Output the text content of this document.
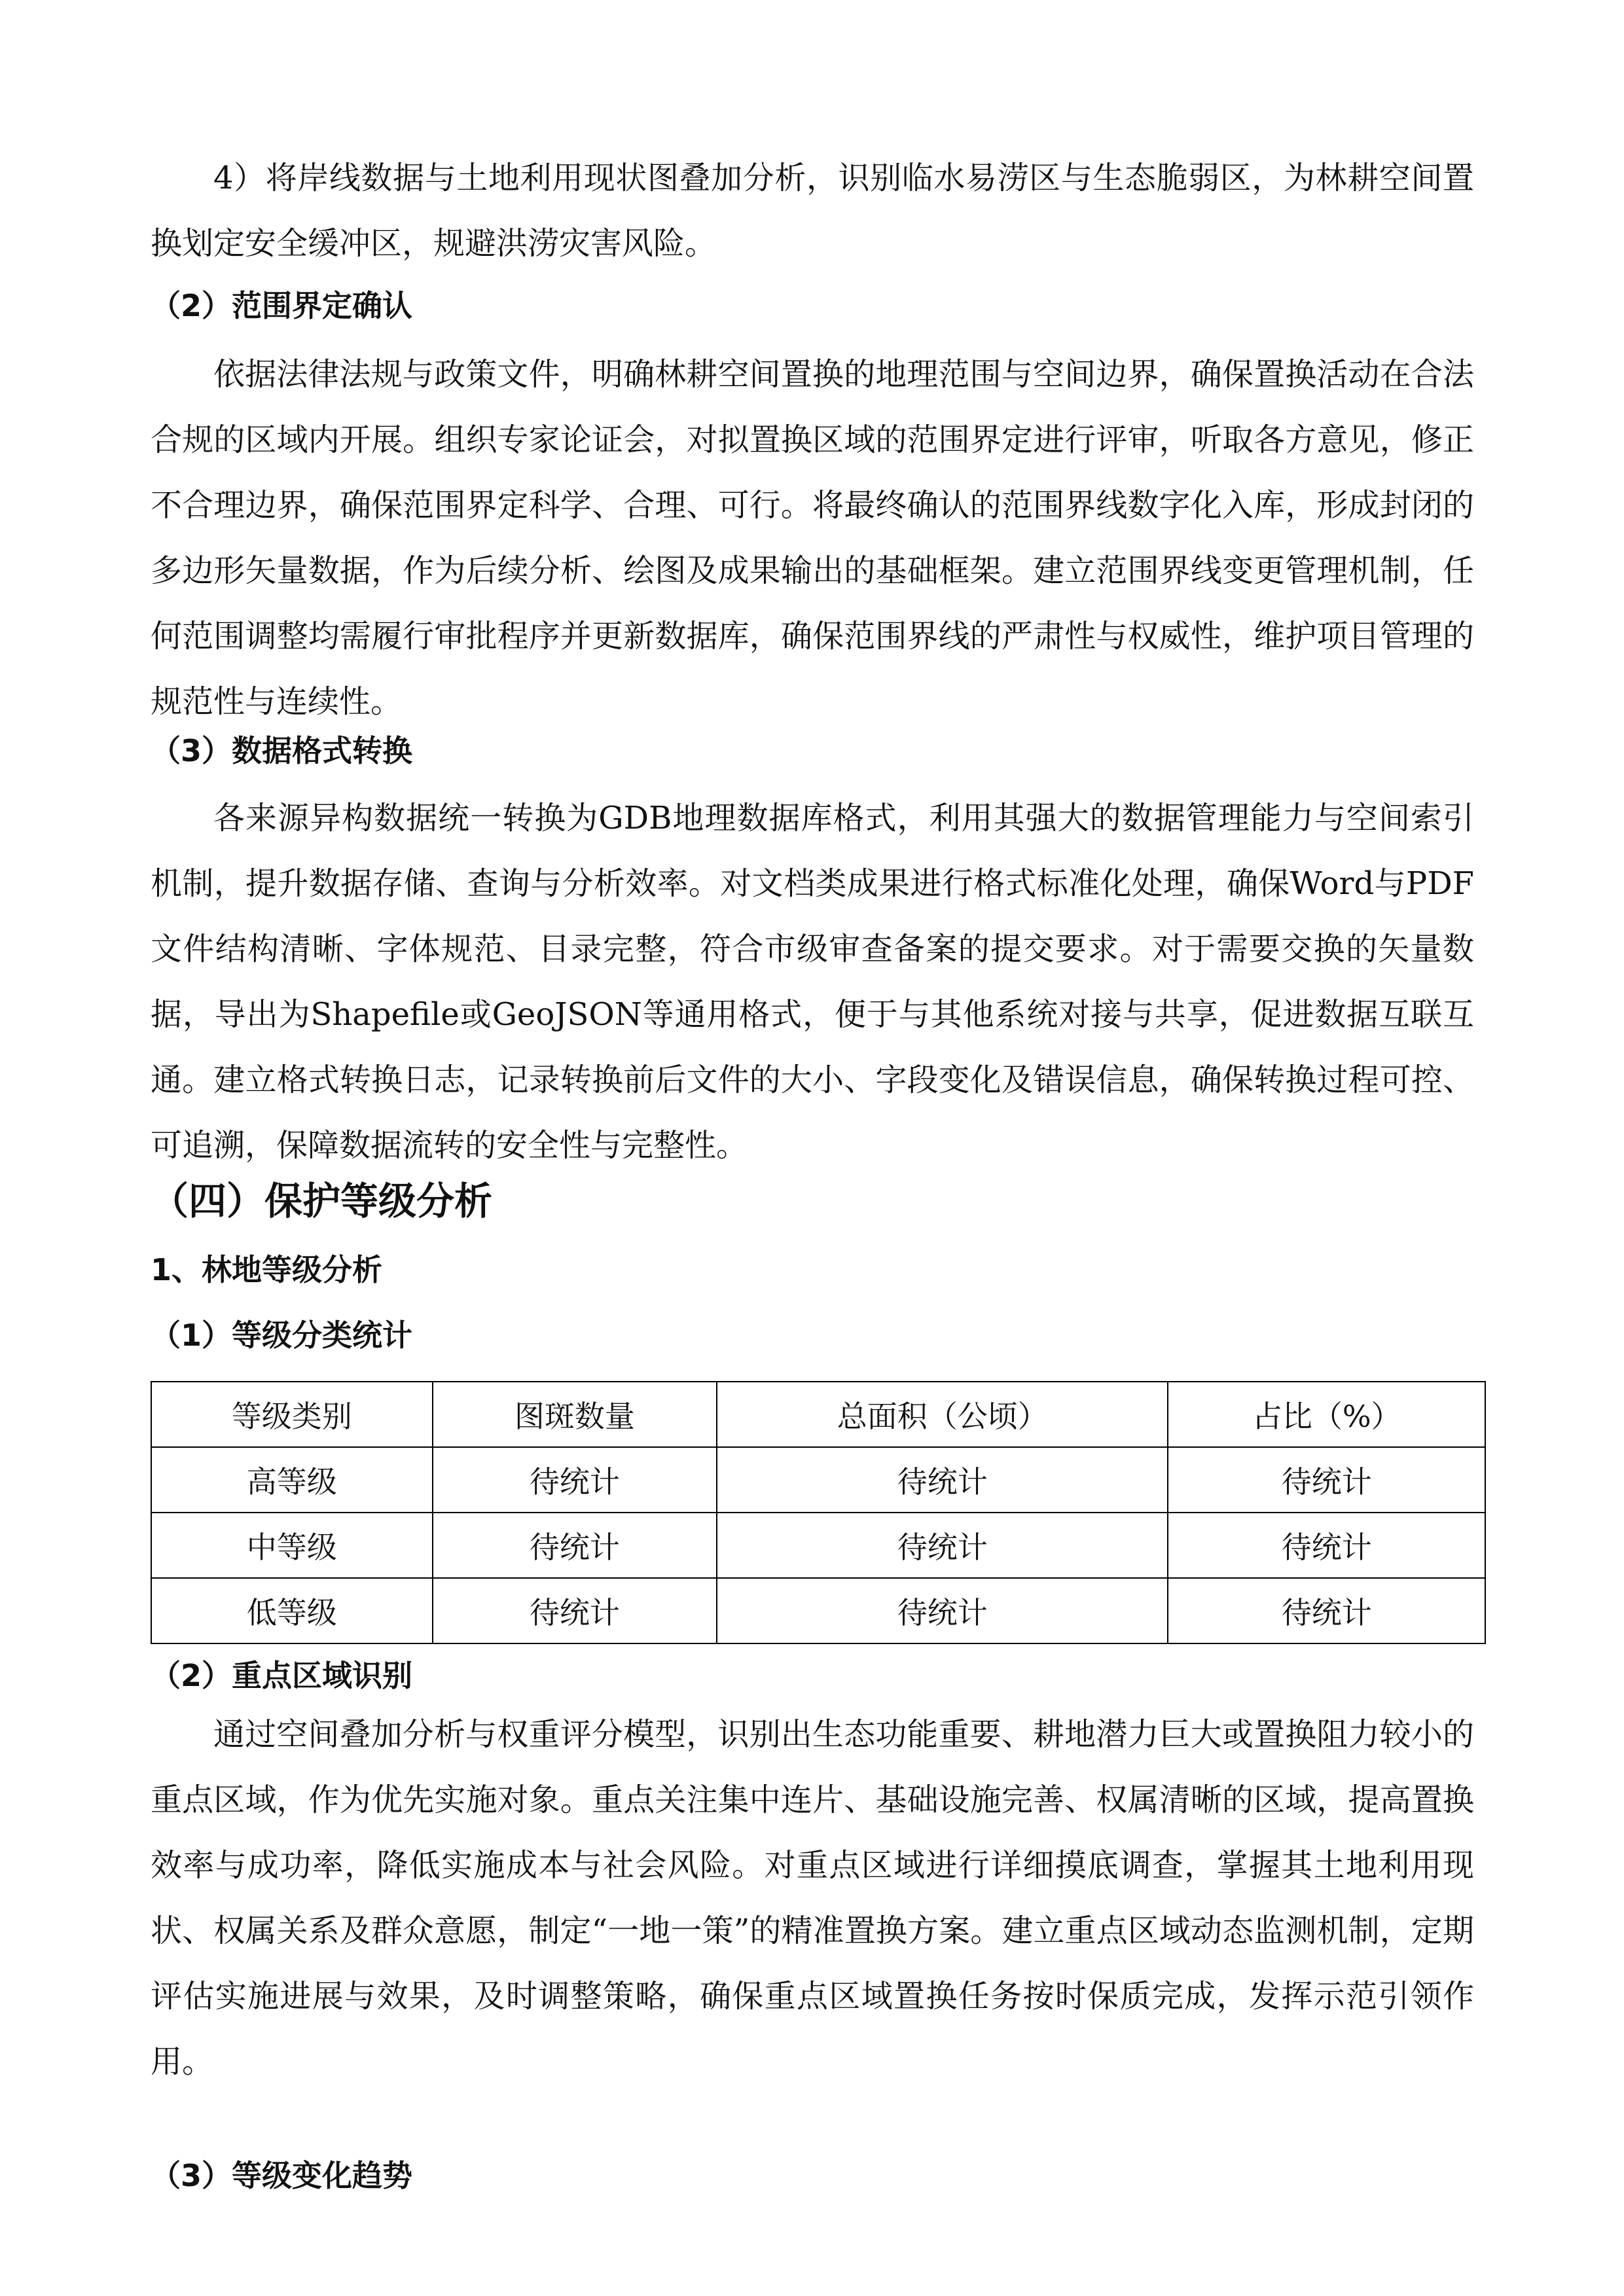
4）将岸线数据与土地利用现状图叠加分析，识别临水易涝区与生态脆弱区，为林耕空间置换划定安全缓冲区，规避洪涝灾害风险。

（2）范围界定确认

依据法律法规与政策文件，明确林耕空间置换的地理范围与空间边界，确保置换活动在合法合规的区域内开展。组织专家论证会，对拟置换区域的范围界定进行评审，听取各方意见，修正不合理边界，确保范围界定科学、合理、可行。将最终确认的范围界线数字化入库，形成封闭的多边形矢量数据，作为后续分析、绘图及成果输出的基础框架。建立范围界线变更管理机制，任何范围调整均需履行审批程序并更新数据库，确保范围界线的严肃性与权威性，维护项目管理的规范性与连续性。

（3）数据格式转换

各来源异构数据统一转换为GDB地理数据库格式，利用其强大的数据管理能力与空间索引机制，提升数据存储、查询与分析效率。对文档类成果进行格式标准化处理，确保Word与PDF文件结构清晰、字体规范、目录完整，符合市级审查备案的提交要求。对于需要交换的矢量数据，导出为Shapefile或GeoJSON等通用格式，便于与其他系统对接与共享，促进数据互联互通。建立格式转换日志，记录转换前后文件的大小、字段变化及错误信息，确保转换过程可控、可追溯，保障数据流转的安全性与完整性。

（四）保护等级分析
1、林地等级分析
（1）等级分类统计
等级类别	图斑数量	总面积（公顷）	占比（%）
高等级	待统计	待统计	待统计
中等级	待统计	待统计	待统计
低等级	待统计	待统计	待统计
（2）重点区域识别

通过空间叠加分析与权重评分模型，识别出生态功能重要、耕地潜力巨大或置换阻力较小的重点区域，作为优先实施对象。重点关注集中连片、基础设施完善、权属清晰的区域，提高置换效率与成功率，降低实施成本与社会风险。对重点区域进行详细摸底调查，掌握其土地利用现状、权属关系及群众意愿，制定“一地一策”的精准置换方案。建立重点区域动态监测机制，定期评估实施进展与效果，及时调整策略，确保重点区域置换任务按时保质完成，发挥示范引领作用。

（3）等级变化趋势
